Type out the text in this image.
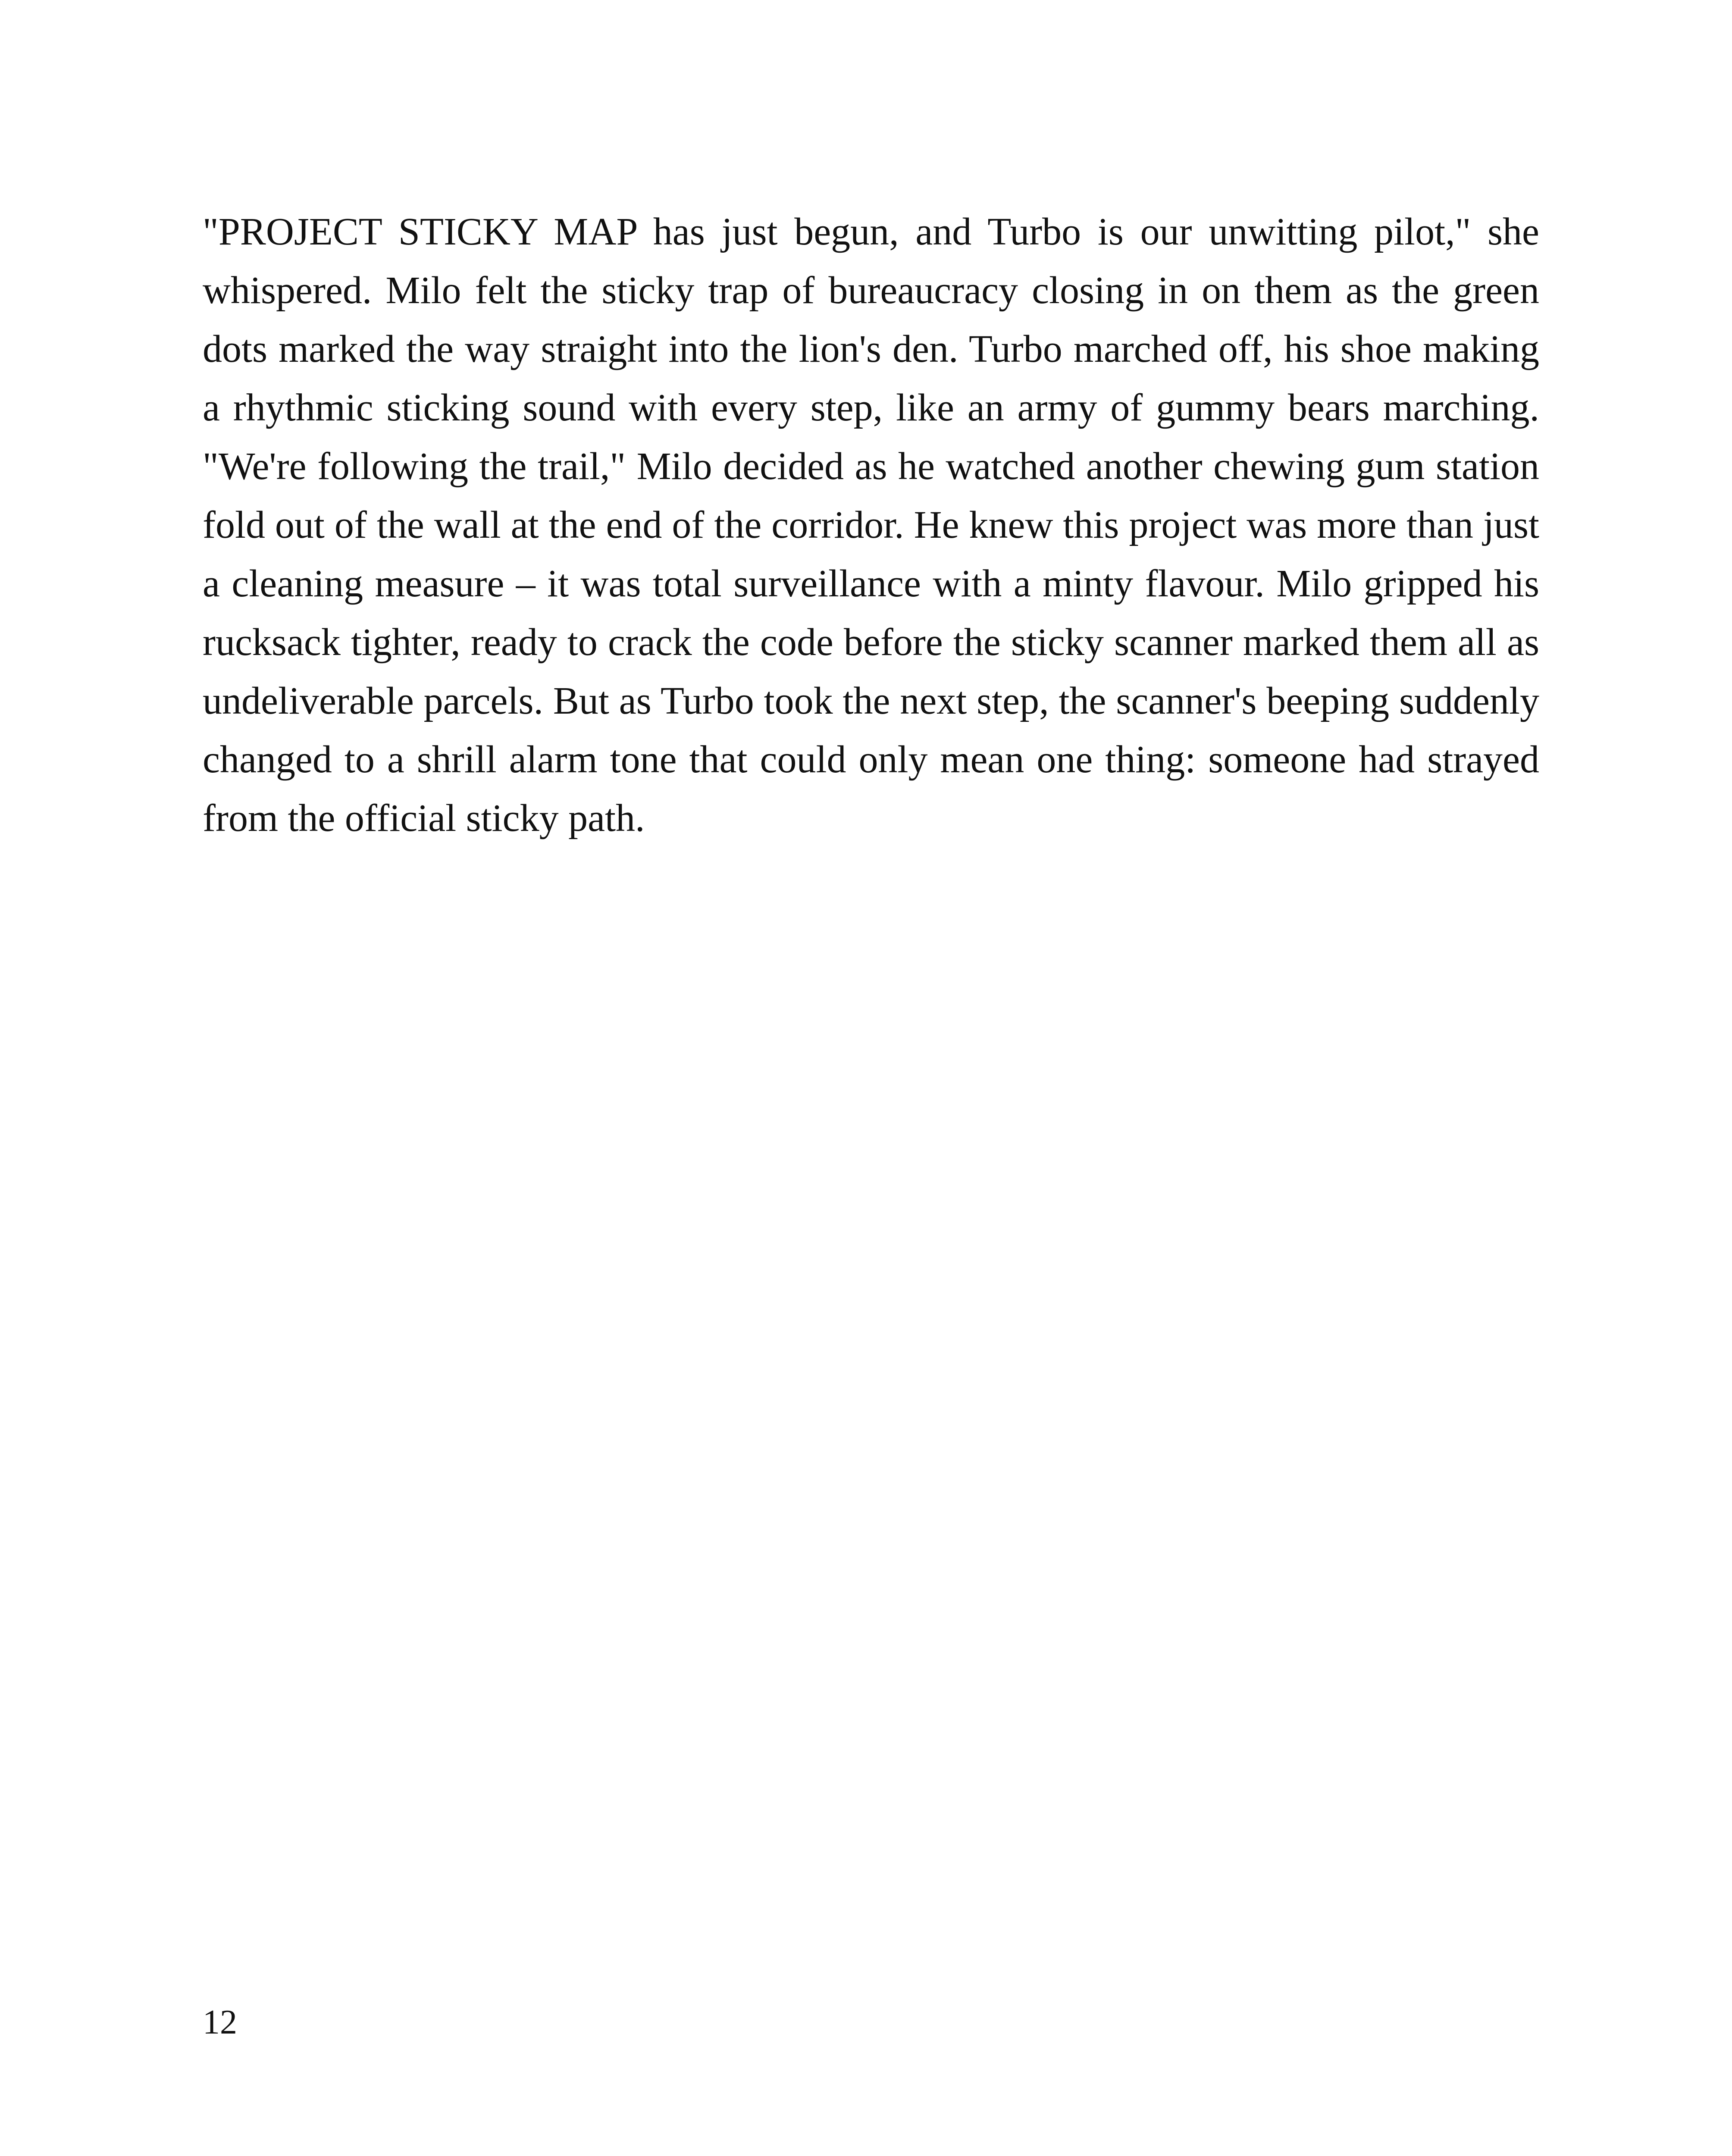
"PROJECT STICKY MAP has just begun, and Turbo is our unwitting pilot," she whispered. Milo felt the sticky trap of bureaucracy closing in on them as the green dots marked the way straight into the lion's den. Turbo marched off, his shoe making a rhythmic sticking sound with every step, like an army of gummy bears marching. "We're following the trail," Milo decided as he watched another chewing gum station fold out of the wall at the end of the corridor. He knew this project was more than just a cleaning measure – it was total surveillance with a minty flavour. Milo gripped his rucksack tighter, ready to crack the code before the sticky scanner marked them all as undeliverable parcels. But as Turbo took the next step, the scanner's beeping suddenly changed to a shrill alarm tone that could only mean one thing: someone had strayed from the official sticky path.

12
